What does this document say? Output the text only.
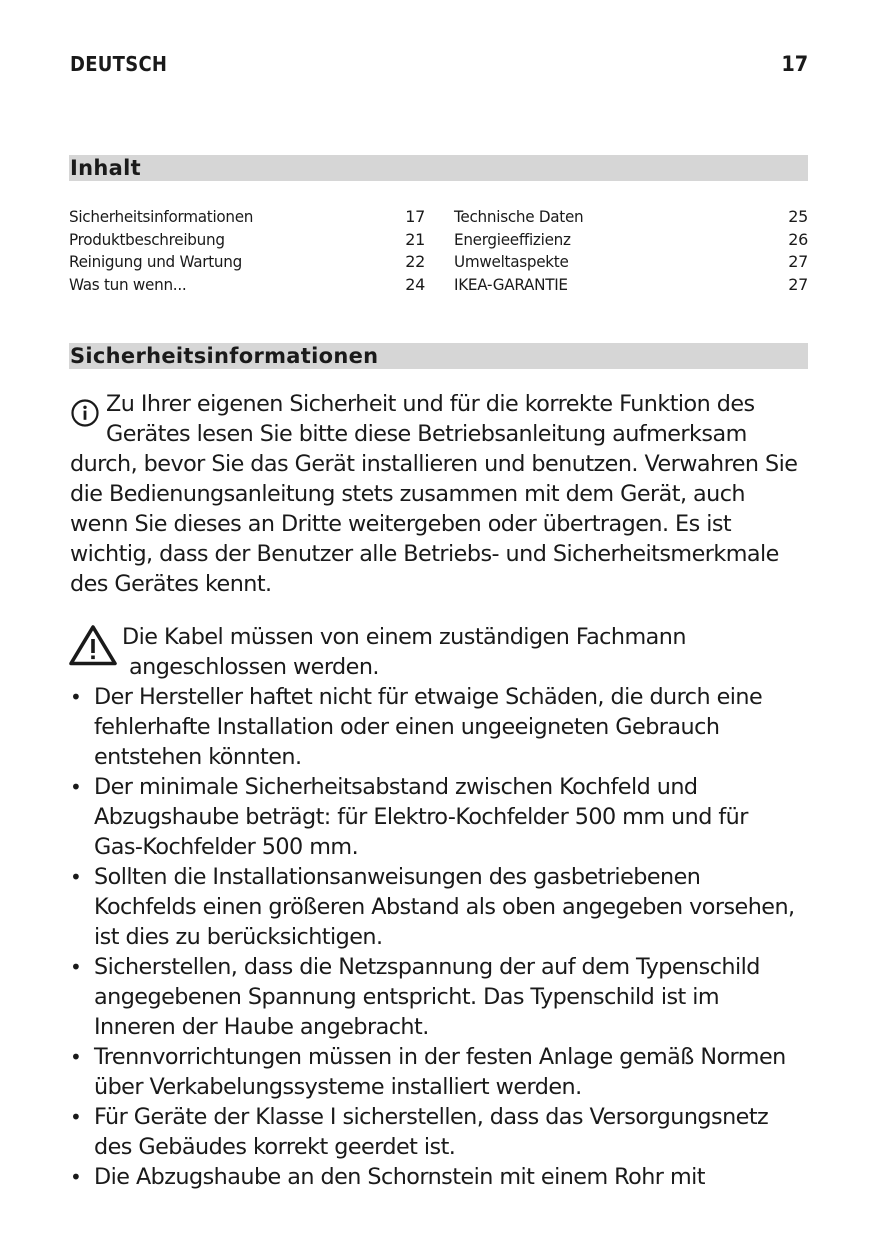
DEUTSCH	17
Inhalt
Sicherheitsinformationen	17
Produktbeschreibung	21
Reinigung und Wartung	22
Was tun wenn...	24
Technische Daten	25
Energieeffizienz	26
Umweltaspekte	27
IKEA-GARANTIE	27
Sicherheitsinformationen
Zu Ihrer eigenen Sicherheit und für die korrekte Funktion des
Gerätes lesen Sie bitte diese Betriebsanleitung aufmerksam
durch, bevor Sie das Gerät installieren und benutzen. Verwahren Sie
die Bedienungsanleitung stets zusammen mit dem Gerät, auch
wenn Sie dieses an Dritte weitergeben oder übertragen. Es ist
wichtig, dass der Benutzer alle Betriebs- und Sicherheitsmerkmale
des Gerätes kennt.
Die Kabel müssen von einem zuständigen Fachmann
angeschlossen werden.
• Der Hersteller haftet nicht für etwaige Schäden, die durch eine
fehlerhafte Installation oder einen ungeeigneten Gebrauch
entstehen könnten.
• Der minimale Sicherheitsabstand zwischen Kochfeld und
Abzugshaube beträgt: für Elektro-Kochfelder 500 mm und für
Gas-Kochfelder 500 mm.
• Sollten die Installationsanweisungen des gasbetriebenen
Kochfelds einen größeren Abstand als oben angegeben vorsehen,
ist dies zu berücksichtigen.
• Sicherstellen, dass die Netzspannung der auf dem Typenschild
angegebenen Spannung entspricht. Das Typenschild ist im
Inneren der Haube angebracht.
• Trennvorrichtungen müssen in der festen Anlage gemäß Normen
über Verkabelungssysteme installiert werden.
• Für Geräte der Klasse I sicherstellen, dass das Versorgungsnetz
des Gebäudes korrekt geerdet ist.
• Die Abzugshaube an den Schornstein mit einem Rohr mit
